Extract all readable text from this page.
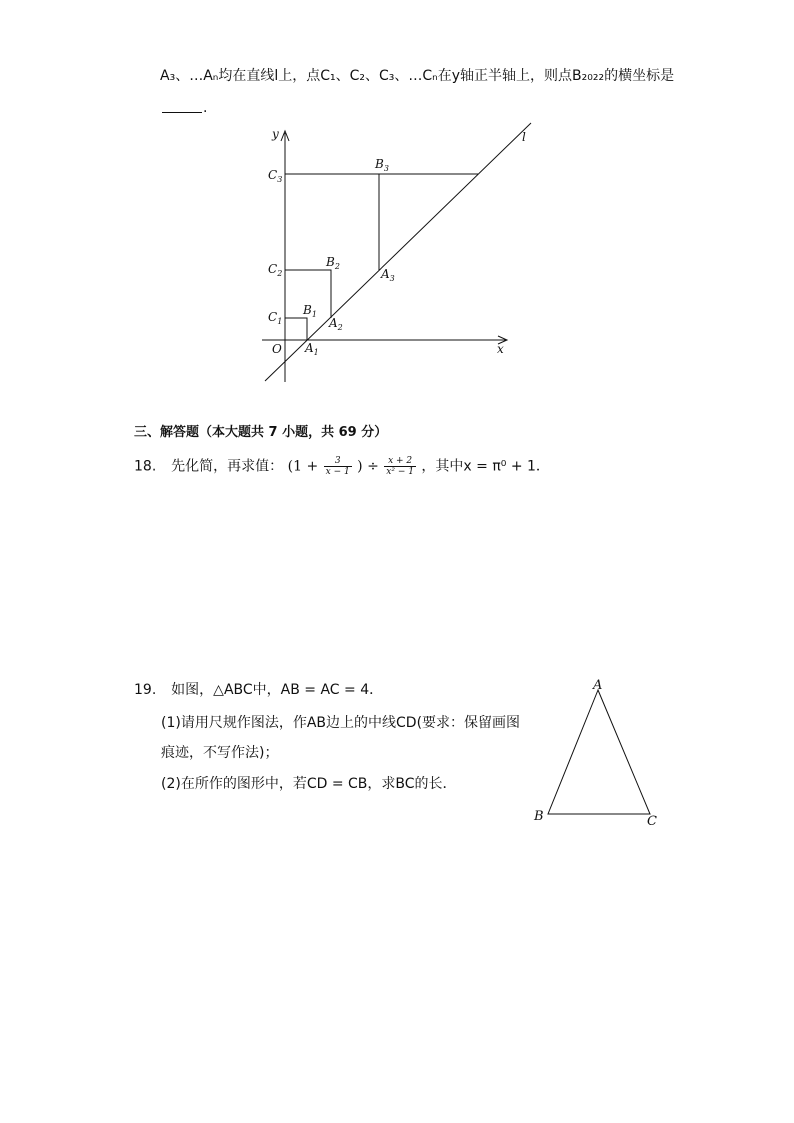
A₃、…Aₙ均在直线l上，点C₁、C₂、C₃、…Cₙ在y轴正半轴上，则点B₂₀₂₂的横坐标是
.
y
x
l
O
$C_3$
$C_2$
$C_1$
$B_3$
$B_2$
$B_1$
$A_3$
$A_2$
$A_1$
三、解答题（本大题共 7 小题，共 69 分）
18. 先化简，再求值： ($1 + \frac{3}{x - 1}$ ) ÷ $\frac{x + 2}{\text{x² − 1}}$ ，其中x = π⁰ + 1．
19. 如图，△ABC中，AB = AC = 4．
(1)请用尺规作图法，作AB边上的中线CD(要求：保留画图
痕迹，不写作法)；
(2)在所作的图形中，若CD = CB，求BC的长．
A
B	C
